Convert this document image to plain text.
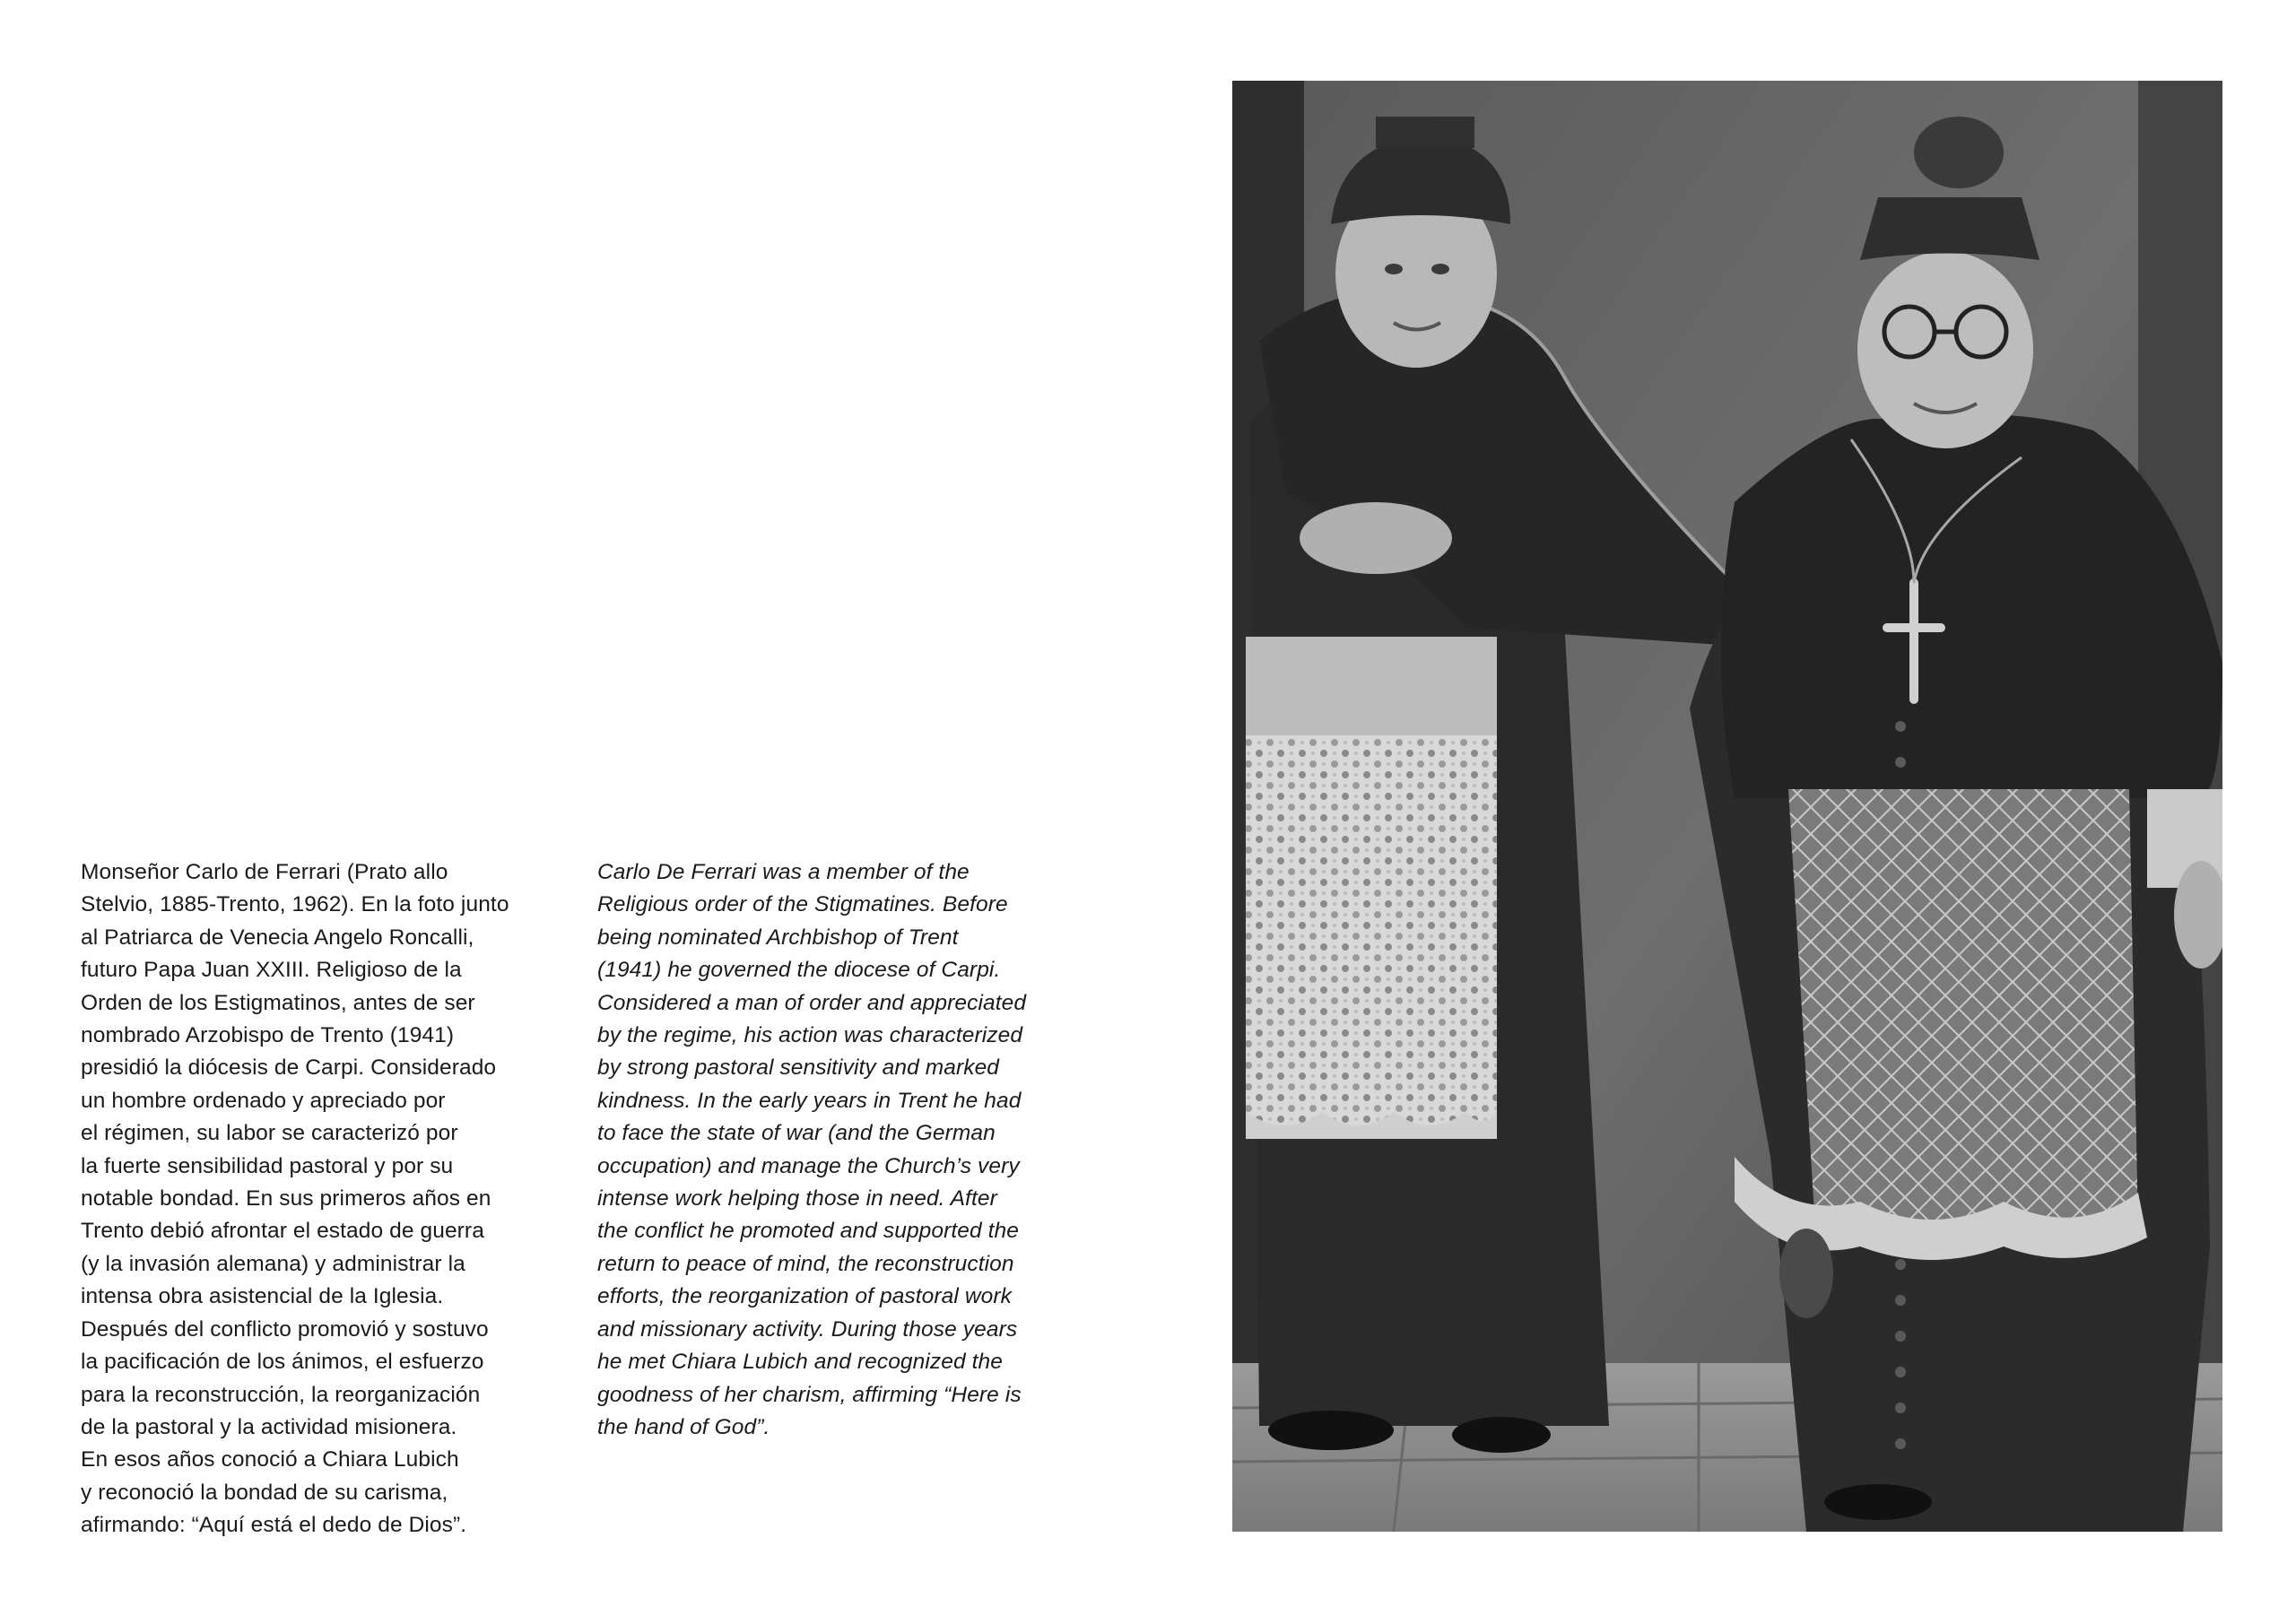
Monseñor Carlo de Ferrari (Prato allo
Stelvio, 1885-Trento, 1962). En la foto junto
al Patriarca de Venecia Angelo Roncalli,
futuro Papa Juan XXIII. Religioso de la
Orden de los Estigmatinos, antes de ser
nombrado Arzobispo de Trento (1941)
presidió la diócesis de Carpi. Considerado
un hombre ordenado y apreciado por
el régimen, su labor se caracterizó por
la fuerte sensibilidad pastoral y por su
notable bondad. En sus primeros años en
Trento debió afrontar el estado de guerra
(y la invasión alemana) y administrar la
intensa obra asistencial de la Iglesia.
Después del conflicto promovió y sostuvo
la pacificación de los ánimos, el esfuerzo
para la reconstrucción, la reorganización
de la pastoral y la actividad misionera.
En esos años conoció a Chiara Lubich
y reconoció la bondad de su carisma,
afirmando: “Aquí está el dedo de Dios”.
Carlo De Ferrari was a member of the
Religious order of the Stigmatines. Before
being nominated Archbishop of Trent
(1941) he governed the diocese of Carpi.
Considered a man of order and appreciated
by the regime, his action was characterized
by strong pastoral sensitivity and marked
kindness. In the early years in Trent he had
to face the state of war (and the German
occupation) and manage the Church’s very
intense work helping those in need. After
the conflict he promoted and supported the
return to peace of mind, the reconstruction
efforts, the reorganization of pastoral work
and missionary activity. During those years
he met Chiara Lubich and recognized the
goodness of her charism, affirming “Here is
the hand of God”.
